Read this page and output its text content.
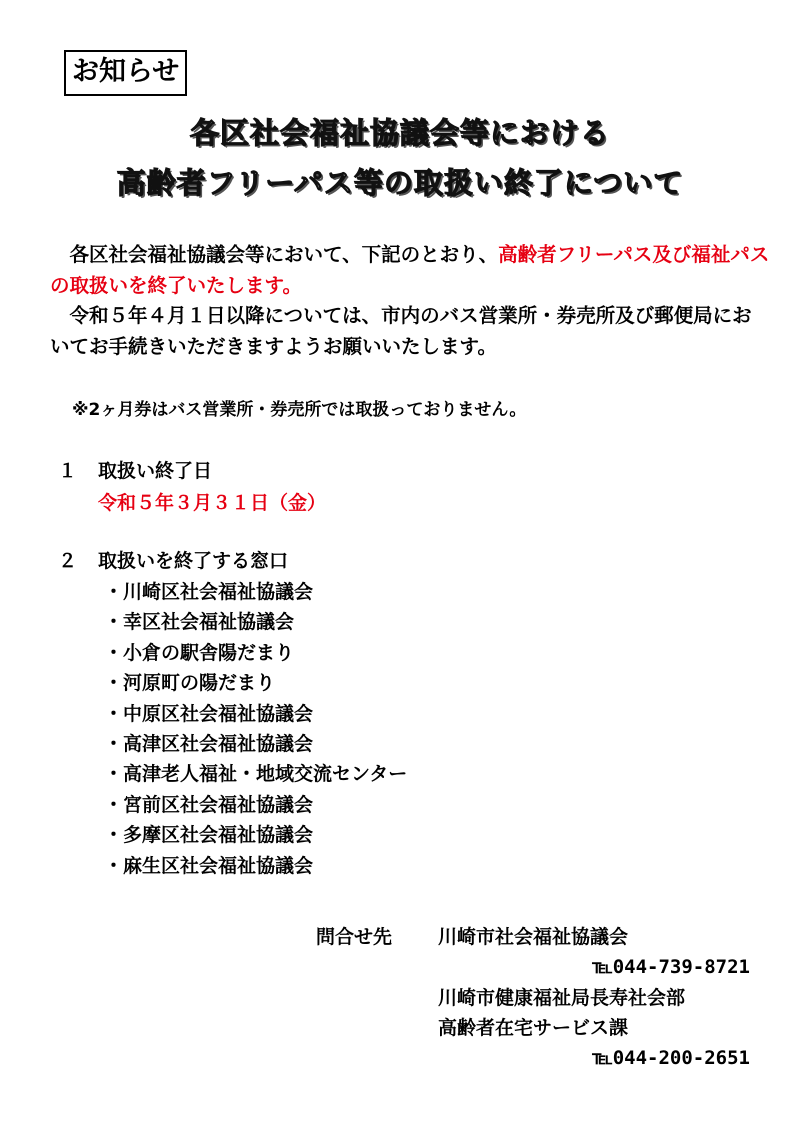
お知らせ
各区社会福祉協議会等における
高齢者フリーパス等の取扱い終了について
　各区社会福祉協議会等において、下記のとおり、高齢者フリーパス及び福祉パスの取扱いを終了いたします。
　令和５年４月１日以降については、市内のバス営業所・券売所及び郵便局においてお手続きいただきますようお願いいたします。
※2ヶ月券はバス営業所・券売所では取扱っておりません。
１ 取扱い終了日
令和５年３月３１日（金）
２ 取扱いを終了する窓口
・ 川崎区社会福祉協議会
・ 幸区社会福祉協議会
・ 小倉の駅舎陽だまり
・ 河原町の陽だまり
・ 中原区社会福祉協議会
・ 高津区社会福祉協議会
・ 高津老人福祉・地域交流センター
・ 宮前区社会福祉協議会
・ 多摩区社会福祉協議会
・ 麻生区社会福祉協議会
問合せ先 川崎市社会福祉協議会
℡044-739-8721
川崎市健康福祉局長寿社会部
高齢者在宅サービス課
℡044-200-2651
